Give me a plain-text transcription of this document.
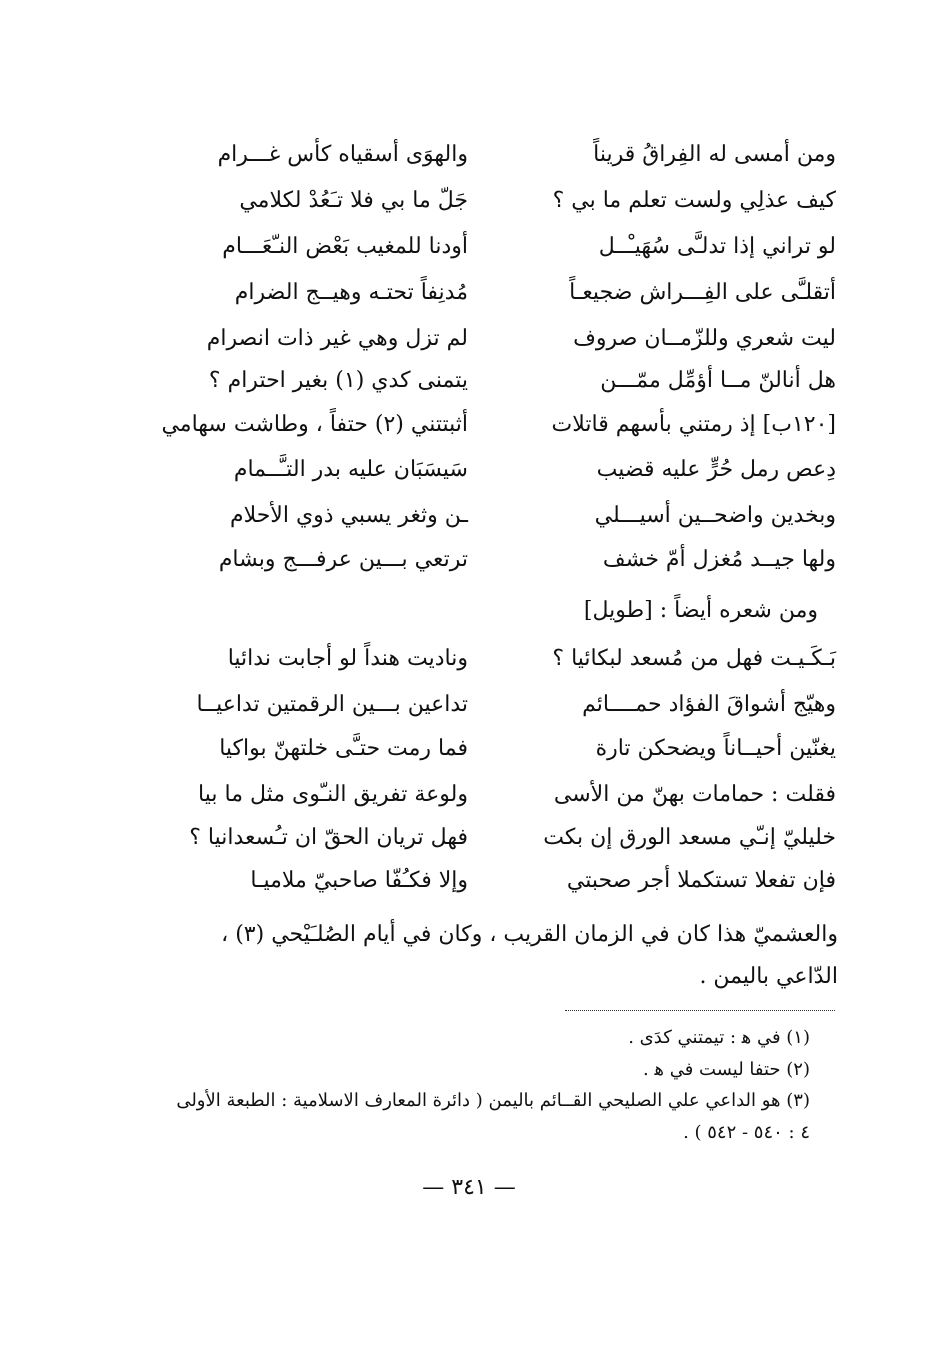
ومن أمسى له الفِراقُ قريناً
كيف عذلِي ولست تعلم ما بي ؟
لو تراني إذا تدلـَّى سُهَيـْــل
أتقلـَّى على الفِـــراش ضجيعـاً
ليت شعري وللزّمــان صروف
هل أنالنّ مــا أؤمِّل ممّـــن
[١٢٠ب] إذ رمتني بأسهم قاتلات
دِعص رمل حُرٍّ عليه قضيب
وبخدين واضحــين أسيـــلي
ولها جيــد مُغزل أمّ خشف
والهوَى أسقياه كأس غـــرام
جَلّ ما بي فلا تـَعُدْ لكلامي
أودنا للمغيب بَعْض النـّعَـــام
مُدنِفاً تحتـه وهيــج الضرام
لم تزل وهي غير ذات انصرام
يتمنى كدي (١) بغير احترام ؟
أثبتتني (٢) حتفاً ، وطاشت سهامي
سَيسَبَان عليه بدر التـَّــمام
ـن وثغر يسبي ذوي الأحلام
ترتعي بـــين عرفـــج وبشام
ومن شعره أيضاً : [طويل]
بَـكَـيـت فهل من مُسعد لبكائيا ؟
وهيّج أشواقَ الفؤاد حمــــائم
يغنّين أحيــاناً ويضحكن تارة
فقلت : حمامات بهنّ من الأسى
خليليّ إنـّي مسعد الورق إن بكت
فإن تفعلا تستكملا أجر صحبتي
وناديت هنداً لو أجابت ندائيا
تداعين بـــين الرقمتين تداعيــا
فما رمت حتـَّى خلتهنّ بواكيا
ولوعة تفريق النـّوى مثل ما بيا
فهل تريان الحقّ ان تـُسعدانيا ؟
وإلا فكـُفّا صاحبيّ ملاميـا
والعشميّ هذا كان في الزمان القريب ، وكان في أيام الصُلـَيْحي (٣) ،
الدّاعي باليمن .
(١) في ﻫ : تيمتني كدَى .
(٢) حتفا ليست في ﻫ .
(٣) هو الداعي علي الصليحي القــائم باليمن ( دائرة المعارف الاسلامية : الطبعة الأولى
٤ : ٥٤٠ - ٥٤٢ ) .
— ٣٤١ —
